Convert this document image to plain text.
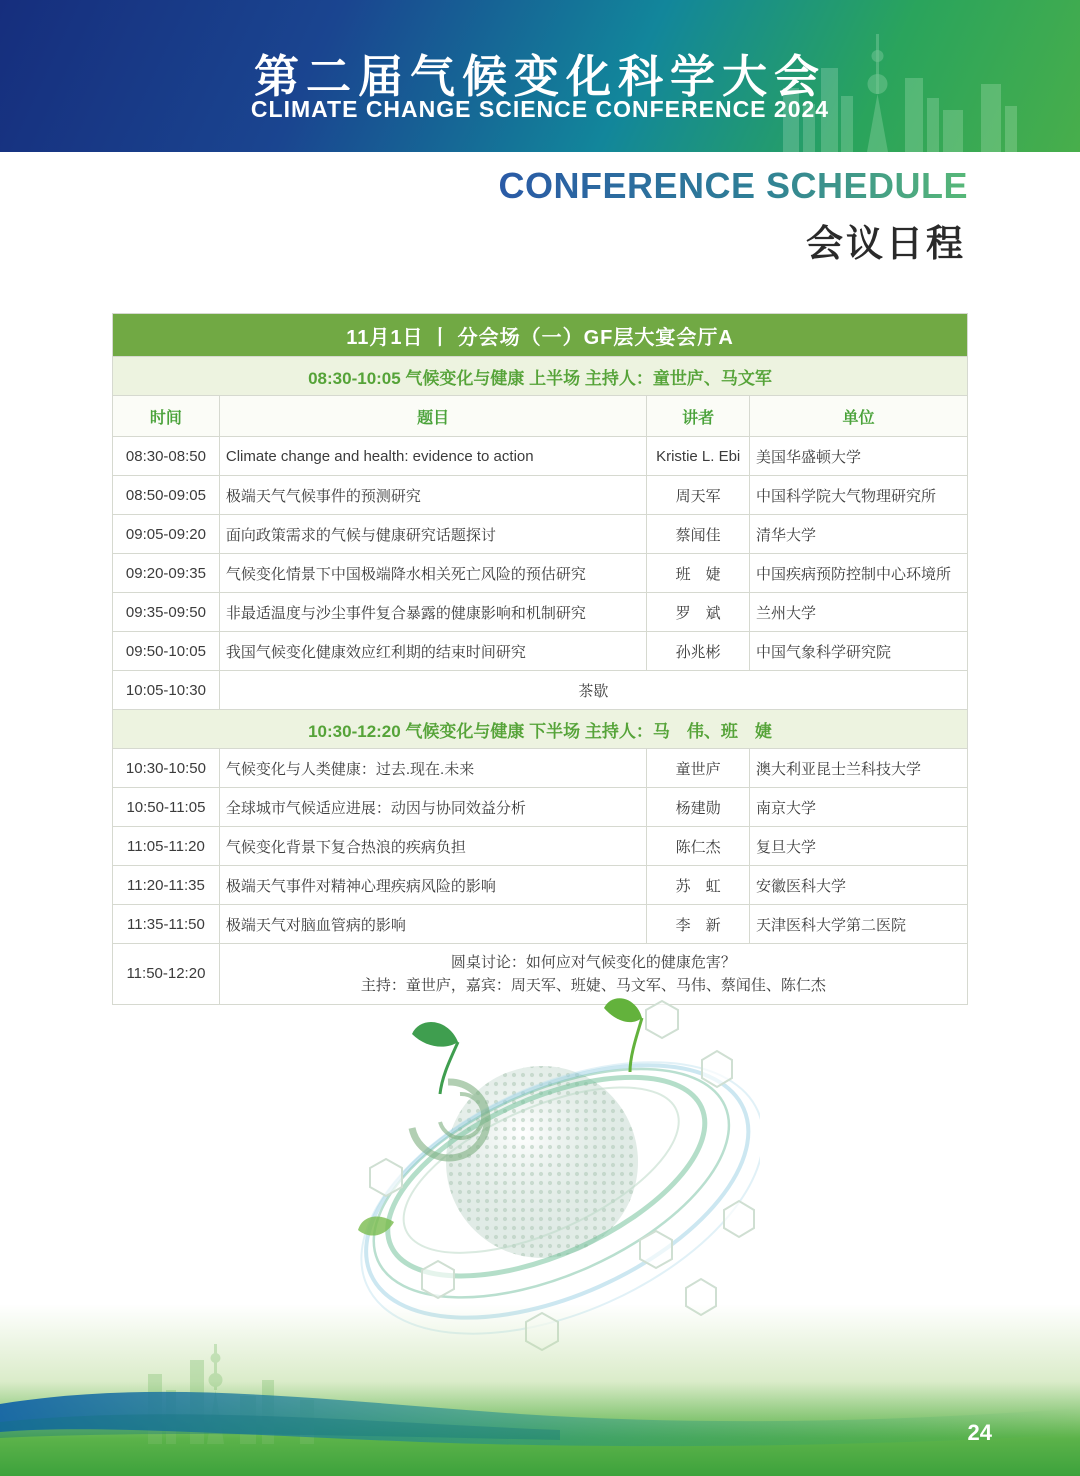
第二届气候变化科学大会
CLIMATE CHANGE SCIENCE CONFERENCE 2024
CONFERENCE SCHEDULE
会议日程
11月1日 丨 分会场（一）GF层大宴会厅A			
08:30-10:05 气候变化与健康 上半场 主持人：童世庐、马文军			
时间	题目	讲者	单位
08:30-08:50	Climate change and health: evidence to action	Kristie L. Ebi	美国华盛顿大学
08:50-09:05	极端天气气候事件的预测研究	周天军	中国科学院大气物理研究所
09:05-09:20	面向政策需求的气候与健康研究话题探讨	蔡闻佳	清华大学
09:20-09:35	气候变化情景下中国极端降水相关死亡风险的预估研究	班　婕	中国疾病预防控制中心环境所
09:35-09:50	非最适温度与沙尘事件复合暴露的健康影响和机制研究	罗　斌	兰州大学
09:50-10:05	我国气候变化健康效应红利期的结束时间研究	孙兆彬	中国气象科学研究院
10:05-10:30	茶歇		
10:30-12:20 气候变化与健康 下半场 主持人：马　伟、班　婕			
10:30-10:50	气候变化与人类健康：过去.现在.未来	童世庐	澳大利亚昆士兰科技大学
10:50-11:05	全球城市气候适应进展：动因与协同效益分析	杨建勋	南京大学
11:05-11:20	气候变化背景下复合热浪的疾病负担	陈仁杰	复旦大学
11:20-11:35	极端天气事件对精神心理疾病风险的影响	苏　虹	安徽医科大学
11:35-11:50	极端天气对脑血管病的影响	李　新	天津医科大学第二医院
11:50-12:20	圆桌讨论：如何应对气候变化的健康危害？
主持：童世庐，嘉宾：周天军、班婕、马文军、马伟、蔡闻佳、陈仁杰		
24
